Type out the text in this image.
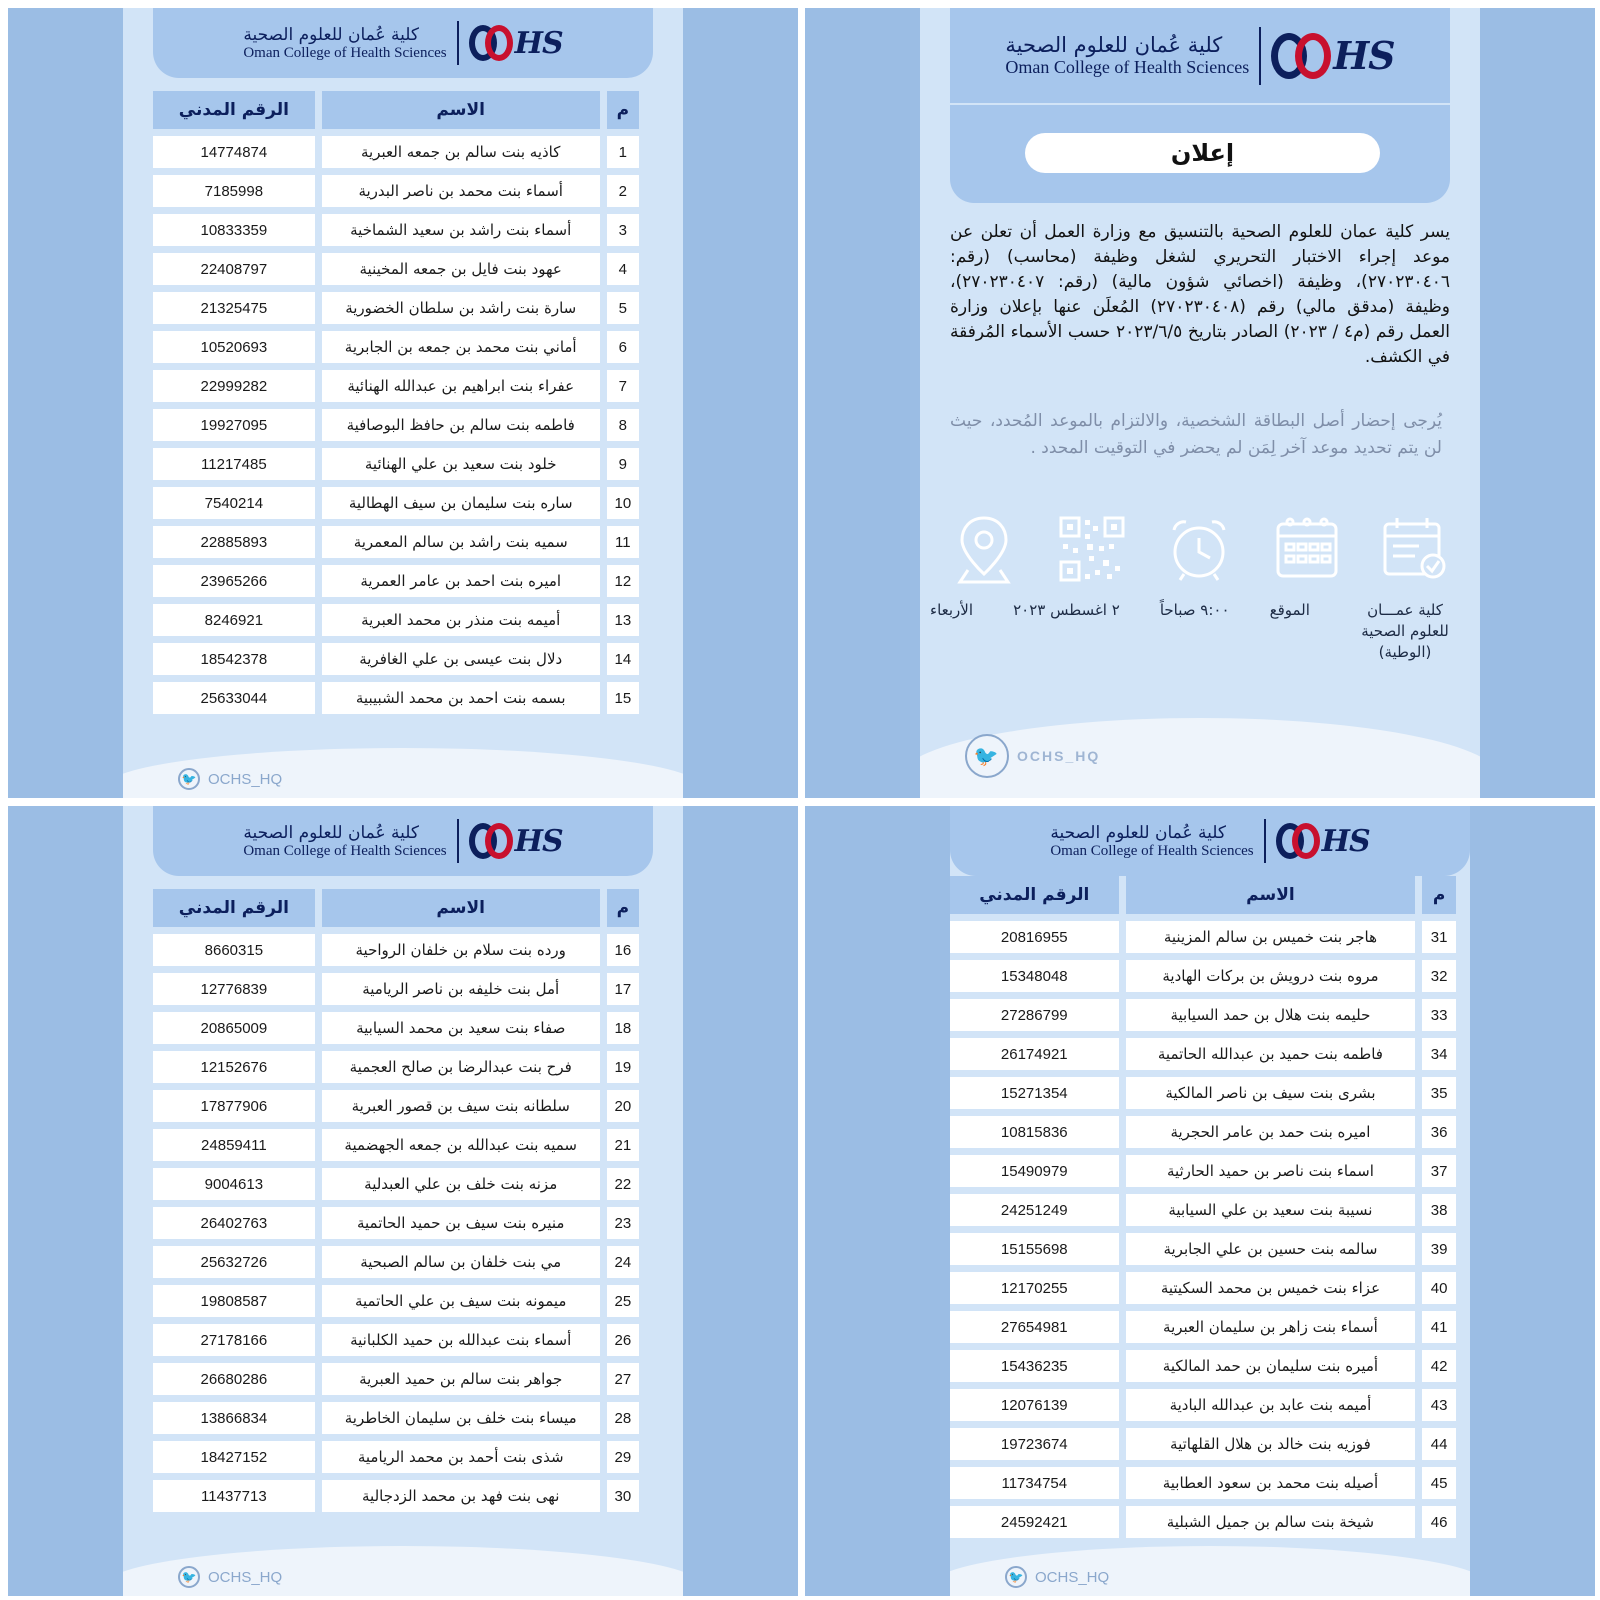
كلية عُمان للعلوم الصحية
Oman College of Health Sciences HS
م	الاسم	الرقم المدني
1	كاذيه بنت سالم بن جمعه العبرية	14774874
2	أسماء بنت محمد بن ناصر البدرية	7185998
3	أسماء بنت راشد بن سعيد الشماخية	10833359
4	عهود بنت فايل بن جمعه المخينية	22408797
5	سارة بنت راشد بن سلطان الخضورية	21325475
6	أماني بنت محمد بن جمعه بن الجابرية	10520693
7	عفراء بنت ابراهيم بن عبدالله الهنائية	22999282
8	فاطمه بنت سالم بن حافظ البوصافية	19927095
9	خلود بنت سعيد بن علي الهنائية	11217485
10	ساره بنت سليمان بن سيف الهطالية	7540214
11	سميه بنت راشد بن سالم المعمرية	22885893
12	اميره بنت احمد بن عامر العمرية	23965266
13	أميمه بنت منذر بن محمد العبرية	8246921
14	دلال بنت عيسى بن علي الغافرية	18542378
15	بسمه بنت احمد بن محمد الشبيبية	25633044
🐦 OCHS_HQ
كلية عُمان للعلوم الصحية
Oman College of Health Sciences HS
إعلان
يسر كلية عمان للعلوم الصحية بالتنسيق مع وزارة العمل أن تعلن عن موعد إجراء الاختبار التحريري لشغل وظيفة (محاسب) (رقم: ٢٧٠٢٣٠٤٠٦)، وظيفة (اخصائي شؤون مالية) (رقم: ٢٧٠٢٣٠٤٠٧)، وظيفة (مدقق مالي) رقم (٢٧٠٢٣٠٤٠٨) المُعلَن عنها بإعلان وزارة العمل رقم (م٤ / ٢٠٢٣) الصادر بتاريخ ٢٠٢٣/٦/٥ حسب الأسماء المُرفقة في الكشف.
يُرجى إحضار أصل البطاقة الشخصية، والالتزام بالموعد المُحدد، حيث لن يتم تحديد موعد آخر لِمَن لم يحضر في التوقيت المحدد .
الأربعاء	٢ اغسطس ٢٠٢٣	٩:٠٠ صباحاً	الموقع	كلية عمـــان للعلوم الصحية (الوطية)
🐦	OCHS_HQ
كلية عُمان للعلوم الصحية
Oman College of Health Sciences HS
م	الاسم	الرقم المدني
16	ورده بنت سلام بن خلفان الرواحية	8660315
17	أمل بنت خليفه بن ناصر الريامية	12776839
18	صفاء بنت سعيد بن محمد السيابية	20865009
19	فرح بنت عبدالرضا بن صالح العجمية	12152676
20	سلطانه بنت سيف بن قصور العبرية	17877906
21	سميه بنت عبدالله بن جمعه الجهضمية	24859411
22	مزنه بنت خلف بن علي العبدلية	9004613
23	منيره بنت سيف بن حميد الحاتمية	26402763
24	مي بنت خلفان بن سالم الصبحية	25632726
25	ميمونه بنت سيف بن علي الحاتمية	19808587
26	أسماء بنت عبدالله بن حميد الكلبانية	27178166
27	جواهر بنت سالم بن حميد العبرية	26680286
28	ميساء بنت خلف بن سليمان الخاطرية	13866834
29	شذى بنت أحمد بن محمد الريامية	18427152
30	نهى بنت فهد بن محمد الزدجالية	11437713
🐦 OCHS_HQ
كلية عُمان للعلوم الصحية
Oman College of Health Sciences HS
م	الاسم	الرقم المدني
31	هاجر بنت خميس بن سالم المزينية	20816955
32	مروه بنت درويش بن بركات الهادية	15348048
33	حليمه بنت هلال بن حمد السيابية	27286799
34	فاطمه بنت حميد بن عبدالله الحاتمية	26174921
35	بشرى بنت سيف بن ناصر المالكية	15271354
36	اميره بنت حمد بن عامر الحجرية	10815836
37	اسماء بنت ناصر بن حميد الحارثية	15490979
38	نسيبة بنت سعيد بن علي السيابية	24251249
39	سالمه بنت حسين بن علي الجابرية	15155698
40	عزاء بنت خميس بن محمد السكيتية	12170255
41	أسماء بنت زاهر بن سليمان العبرية	27654981
42	أميره بنت سليمان بن حمد المالكية	15436235
43	أميمه بنت عابد بن عبدالله البادية	12076139
44	فوزيه بنت خالد بن هلال القلهاتية	19723674
45	أصيله بنت محمد بن سعود العطابية	11734754
46	شيخة بنت سالم بن جميل الشبلية	24592421
🐦 OCHS_HQ
